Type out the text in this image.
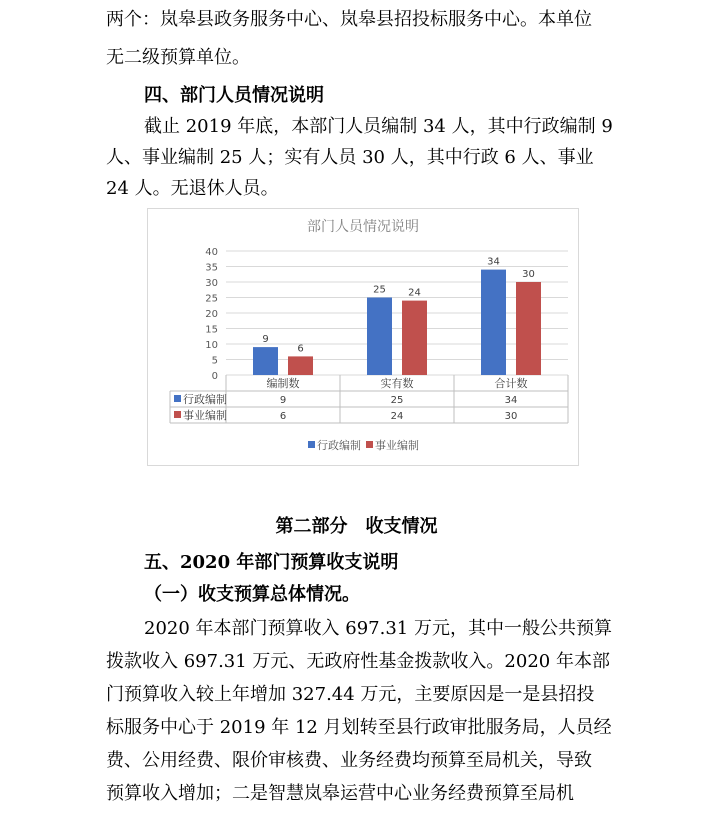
两个：岚皋县政务服务中心、岚皋县招投标服务中心。本单位
无二级预算单位。
四、部门人员情况说明
截止 2019 年底，本部门人员编制 34 人，其中行政编制 9
人、事业编制 25 人；实有人员 30 人，其中行政 6 人、事业
24 人。无退休人员。
部门人员情况说明
0
5
10
15
20
25
30
35
40
9
25
34
6
24
30
编制数	实有数	合计数
行政编制	9	25	34
事业编制	6	24	30
行政编制 事业编制
第二部分　收支情况
五、2020 年部门预算收支说明
（一）收支预算总体情况。
2020 年本部门预算收入 697.31 万元，其中一般公共预算
拨款收入 697.31 万元、无政府性基金拨款收入。2020 年本部
门预算收入较上年增加 327.44 万元，主要原因是一是县招投
标服务中心于 2019 年 12 月划转至县行政审批服务局，人员经
费、公用经费、限价审核费、业务经费均预算至局机关，导致
预算收入增加；二是智慧岚皋运营中心业务经费预算至局机
